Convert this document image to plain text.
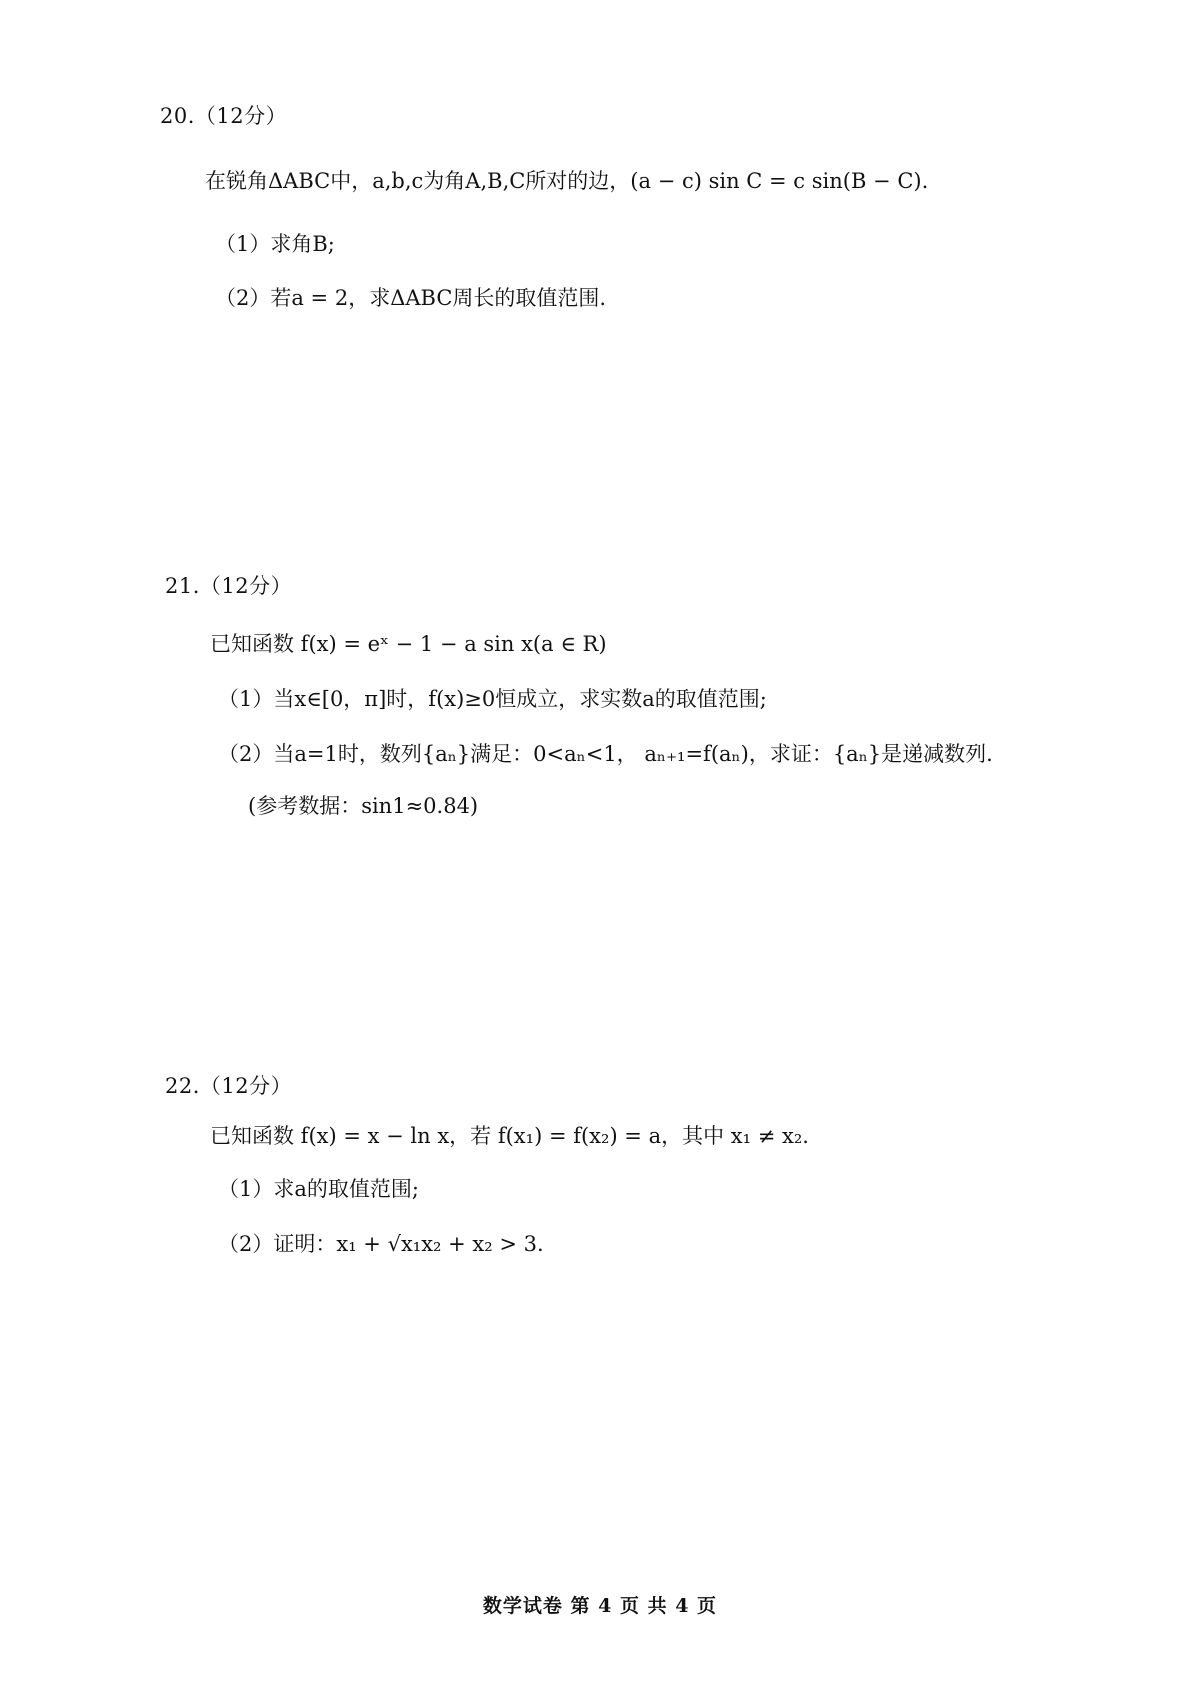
20.（12分）
在锐角ΔABC中，a,b,c为角A,B,C所对的边，(a − c) sin C = c sin(B − C).
（1）求角B;
（2）若a = 2，求ΔABC周长的取值范围.
21.（12分）
已知函数 f(x) = eˣ − 1 − a sin x(a ∈ R)
（1）当x∈[0，π]时，f(x)≥0恒成立，求实数a的取值范围;
（2）当a=1时，数列{aₙ}满足：0<aₙ<1， aₙ₊₁=f(aₙ)，求证：{aₙ}是递减数列.
(参考数据：sin1≈0.84)
22.（12分）
已知函数 f(x) = x − ln x，若 f(x₁) = f(x₂) = a，其中 x₁ ≠ x₂.
（1）求a的取值范围;
（2）证明：x₁ + √x₁x₂ + x₂ > 3.
数学试卷 第 4 页 共 4 页
